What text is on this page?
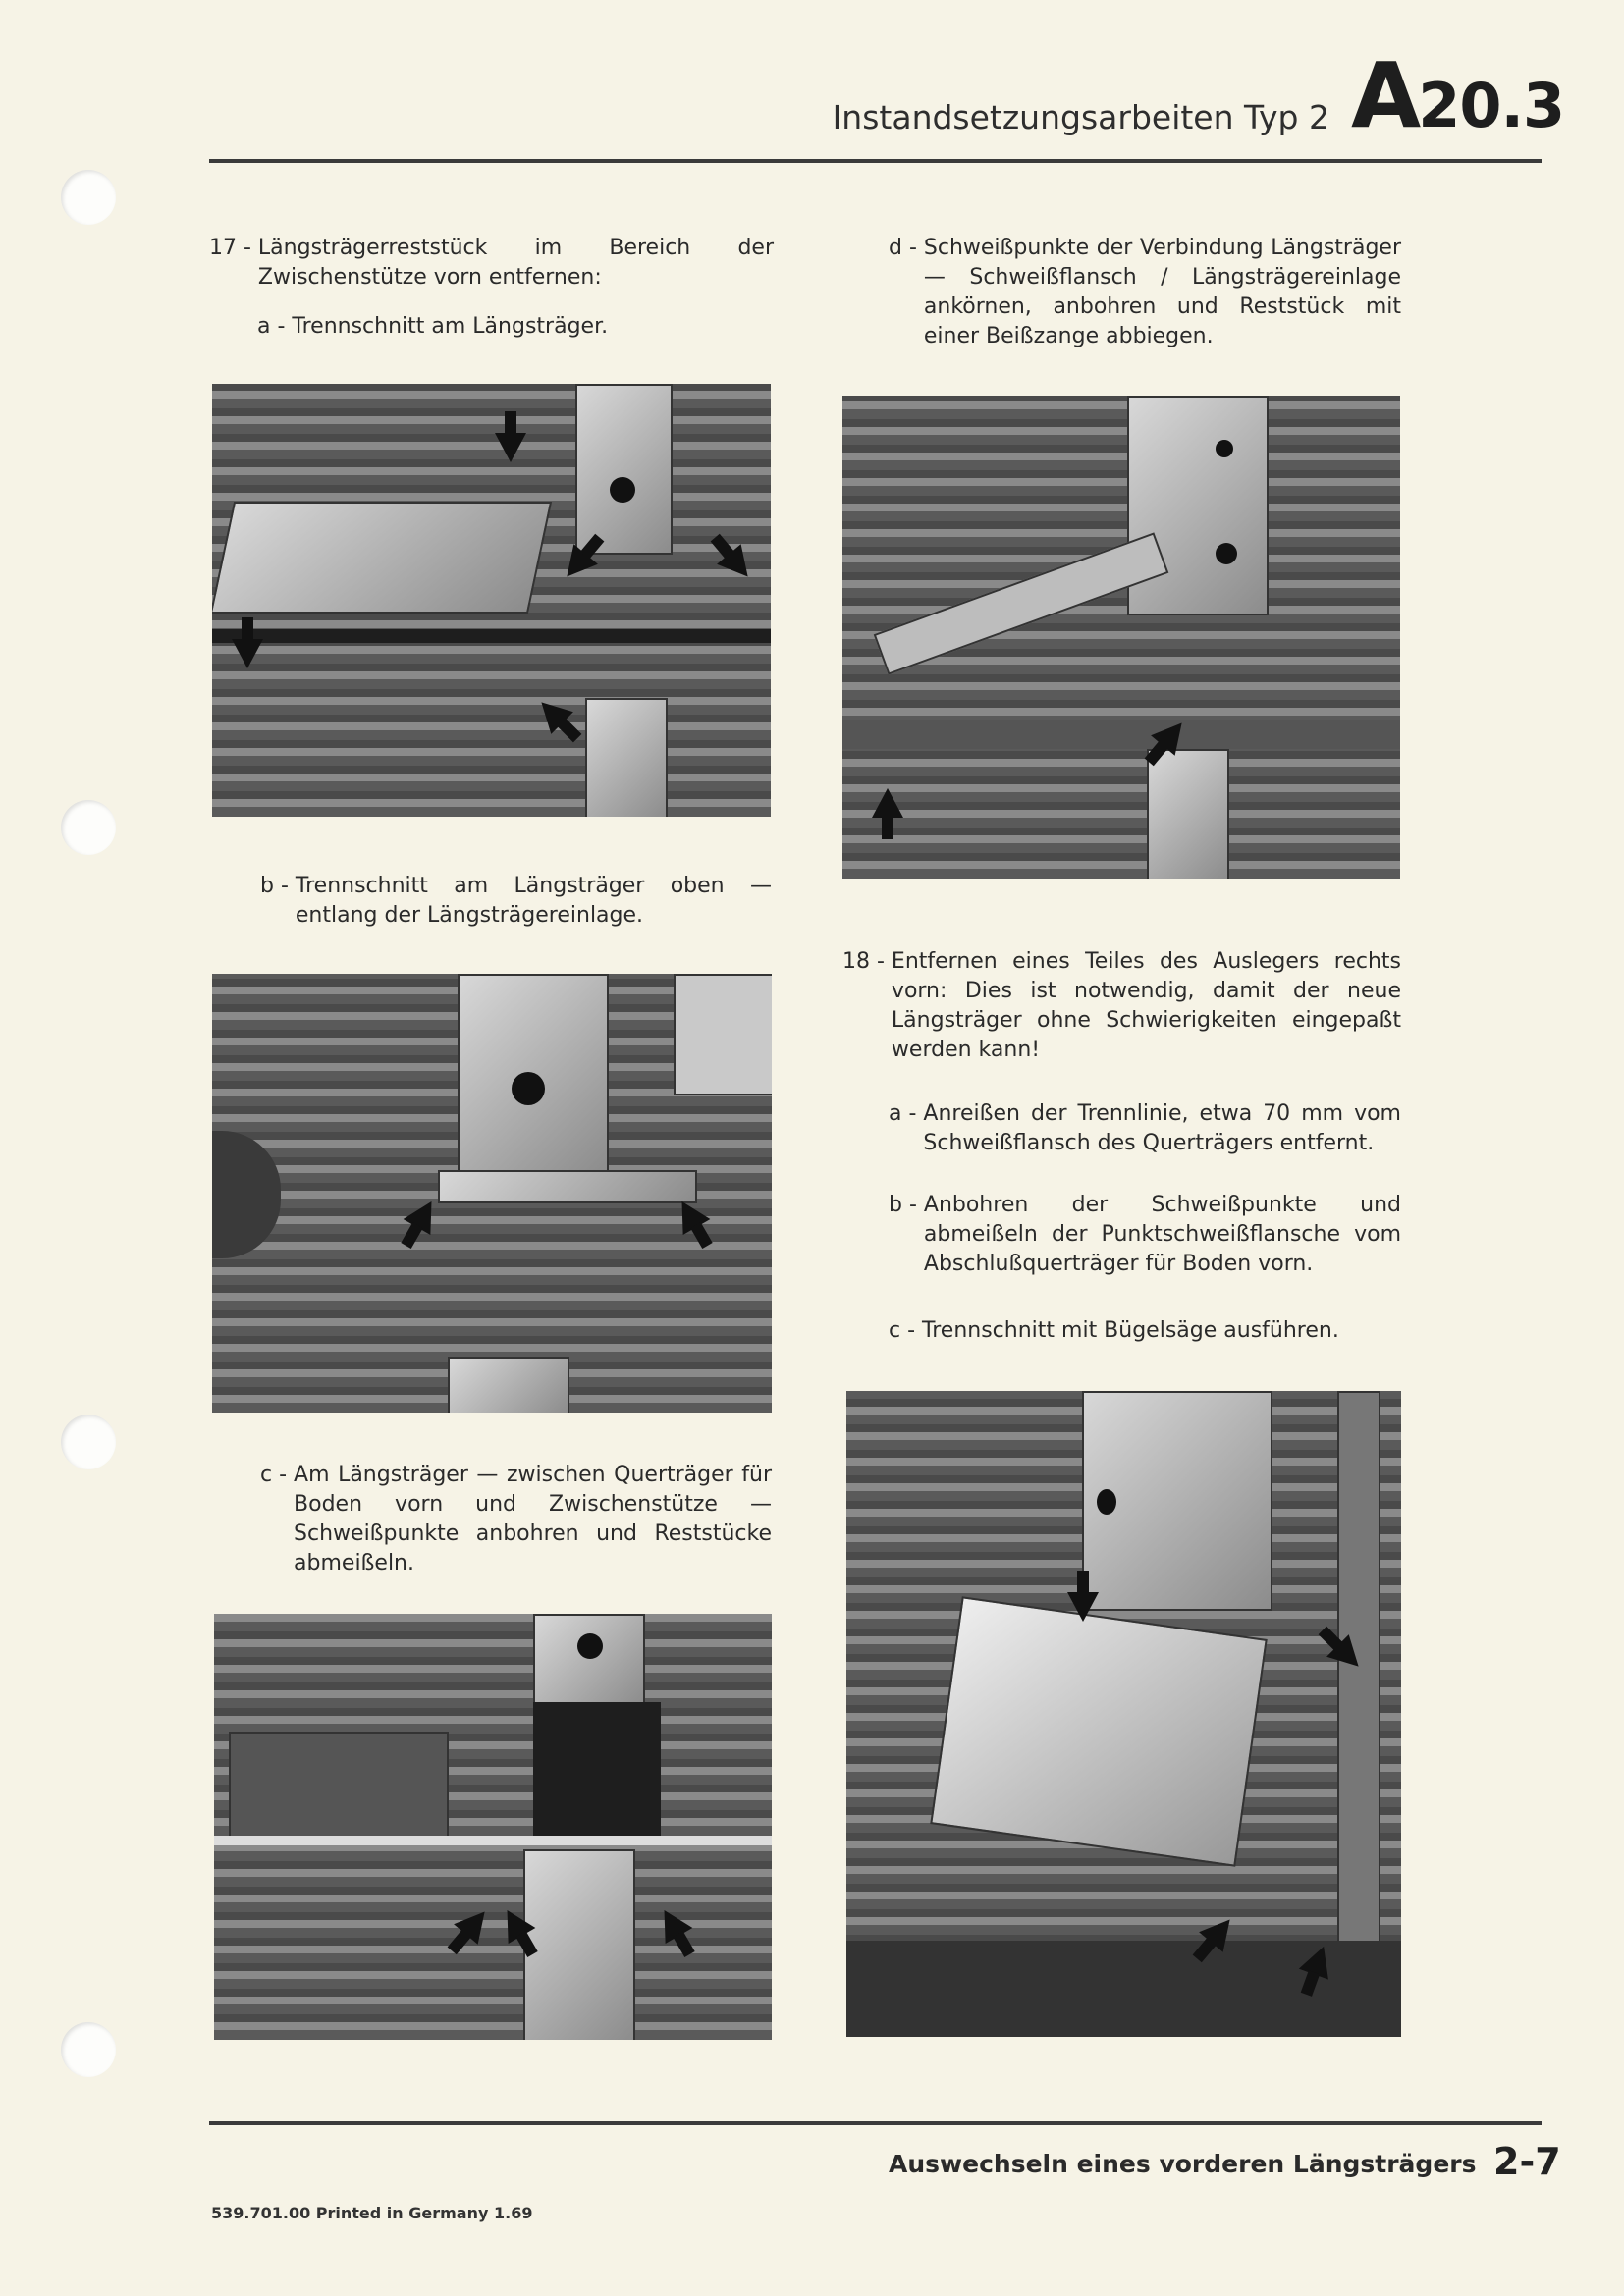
Instandsetzungsarbeiten Typ 2 A20.3
17 - Längsträgerreststück im Bereich der Zwischenstütze vorn entfernen:
a - Trennschnitt am Längsträger.
b - Trennschnitt am Längsträger oben — entlang der Längsträgereinlage.
c - Am Längsträger — zwischen Querträger für Boden vorn und Zwischenstütze — Schweißpunkte anbohren und Reststücke abmeißeln.
d - Schweißpunkte der Verbindung Längsträger — Schweißflansch / Längsträgereinlage ankörnen, anbohren und Reststück mit einer Beißzange abbiegen.
18 - Entfernen eines Teiles des Auslegers rechts vorn: Dies ist notwendig, damit der neue Längsträger ohne Schwierigkeiten eingepaßt werden kann!
a - Anreißen der Trennlinie, etwa 70 mm vom Schweißflansch des Querträgers entfernt.
b - Anbohren der Schweißpunkte und abmeißeln der Punktschweißflansche vom Abschlußquerträger für Boden vorn.
c - Trennschnitt mit Bügelsäge ausführen.
Auswechseln eines vorderen Längsträgers 2-7
539.701.00 Printed in Germany 1.69
